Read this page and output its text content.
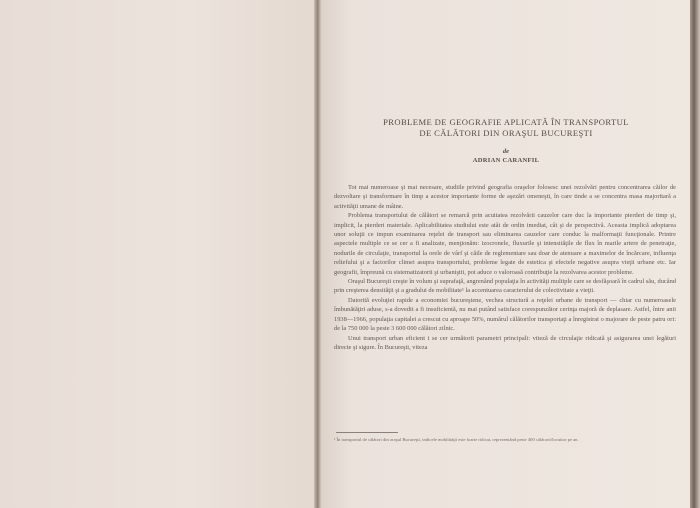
PROBLEME DE GEOGRAFIE APLICATĂ ÎN TRANSPORTUL
DE CĂLĂTORI DIN ORAŞUL BUCUREŞTI
de
ADRIAN CARANFIL

Tot mai numeroase şi mai necesare, studiile privind geografia oraşelor folosesc unei rezolvări pentru concentrarea căilor de dezvoltare şi transformare în timp a acestor importante forme de aşezări omeneşti, în care tinde a se concentra masa majoritară a activităţii umane de mâine.

Problema transportului de călători se remarcă prin acuitatea rezolvării cauzelor care duc la importante pierderi de timp şi, implicit, la pierderi materiale. Aplicabilitatea studiului este atât de ordin imediat, cât şi de perspectivă. Aceasta implică adoptarea unor soluţii ce impun examinarea reţelei de transport sau eliminarea cauzelor care conduc la malformaţii funcţionale. Printre aspectele multiple ce se cer a fi analizate, menţionăm: izocronele, fluxurile şi intensităţile de flux în marile artere de penetraţie, nodurile de circulaţie, transportul la orele de vârf şi căile de reglementare sau doar de atenuare a maximelor de încărcare, influenţa reliefului şi a factorilor climei asupra transportului, probleme legate de estetica şi efectele negative asupra vieţii urbane etc. Iar geografii, împreună cu sistematizatorii şi urbaniştii, pot aduce o valoroasă contribuţie la rezolvarea acestor probleme.

Oraşul Bucureşti creşte în volum şi suprafaţă, angrenând populaţia în activităţi multiple care se desfăşoară în cadrul său, ducând prin creşterea densităţii şi a gradului de mobilitate¹ la accentuarea caracterului de colectivitate a vieţii.

Datorită evoluţiei rapide a economiei bucureştene, vechea structură a reţelei urbane de transport — chiar cu numeroasele îmbunătăţiri aduse, s-a dovedit a fi insuficientă, nu mai putând satisface corespunzător cerinţa majoră de deplasare. Astfel, între anii 1938—1966, populaţia capitalei a crescut cu aproape 50%, numărul călătorilor transportaţi a înregistrat o majorare de peste patru ori: de la 750 000 la peste 3 600 000 călători zilnic.

Unui transport urban eficient i se cer următorii parametri principali: viteză de circulaţie ridicată şi asigurarea unei legături directe şi sigure. În Bucureşti, viteza

¹ În transportul de călători din oraşul Bucureşti, indicele mobilităţii este foarte ridicat, reprezentând peste 400 călătorii/locuitor pe an.
